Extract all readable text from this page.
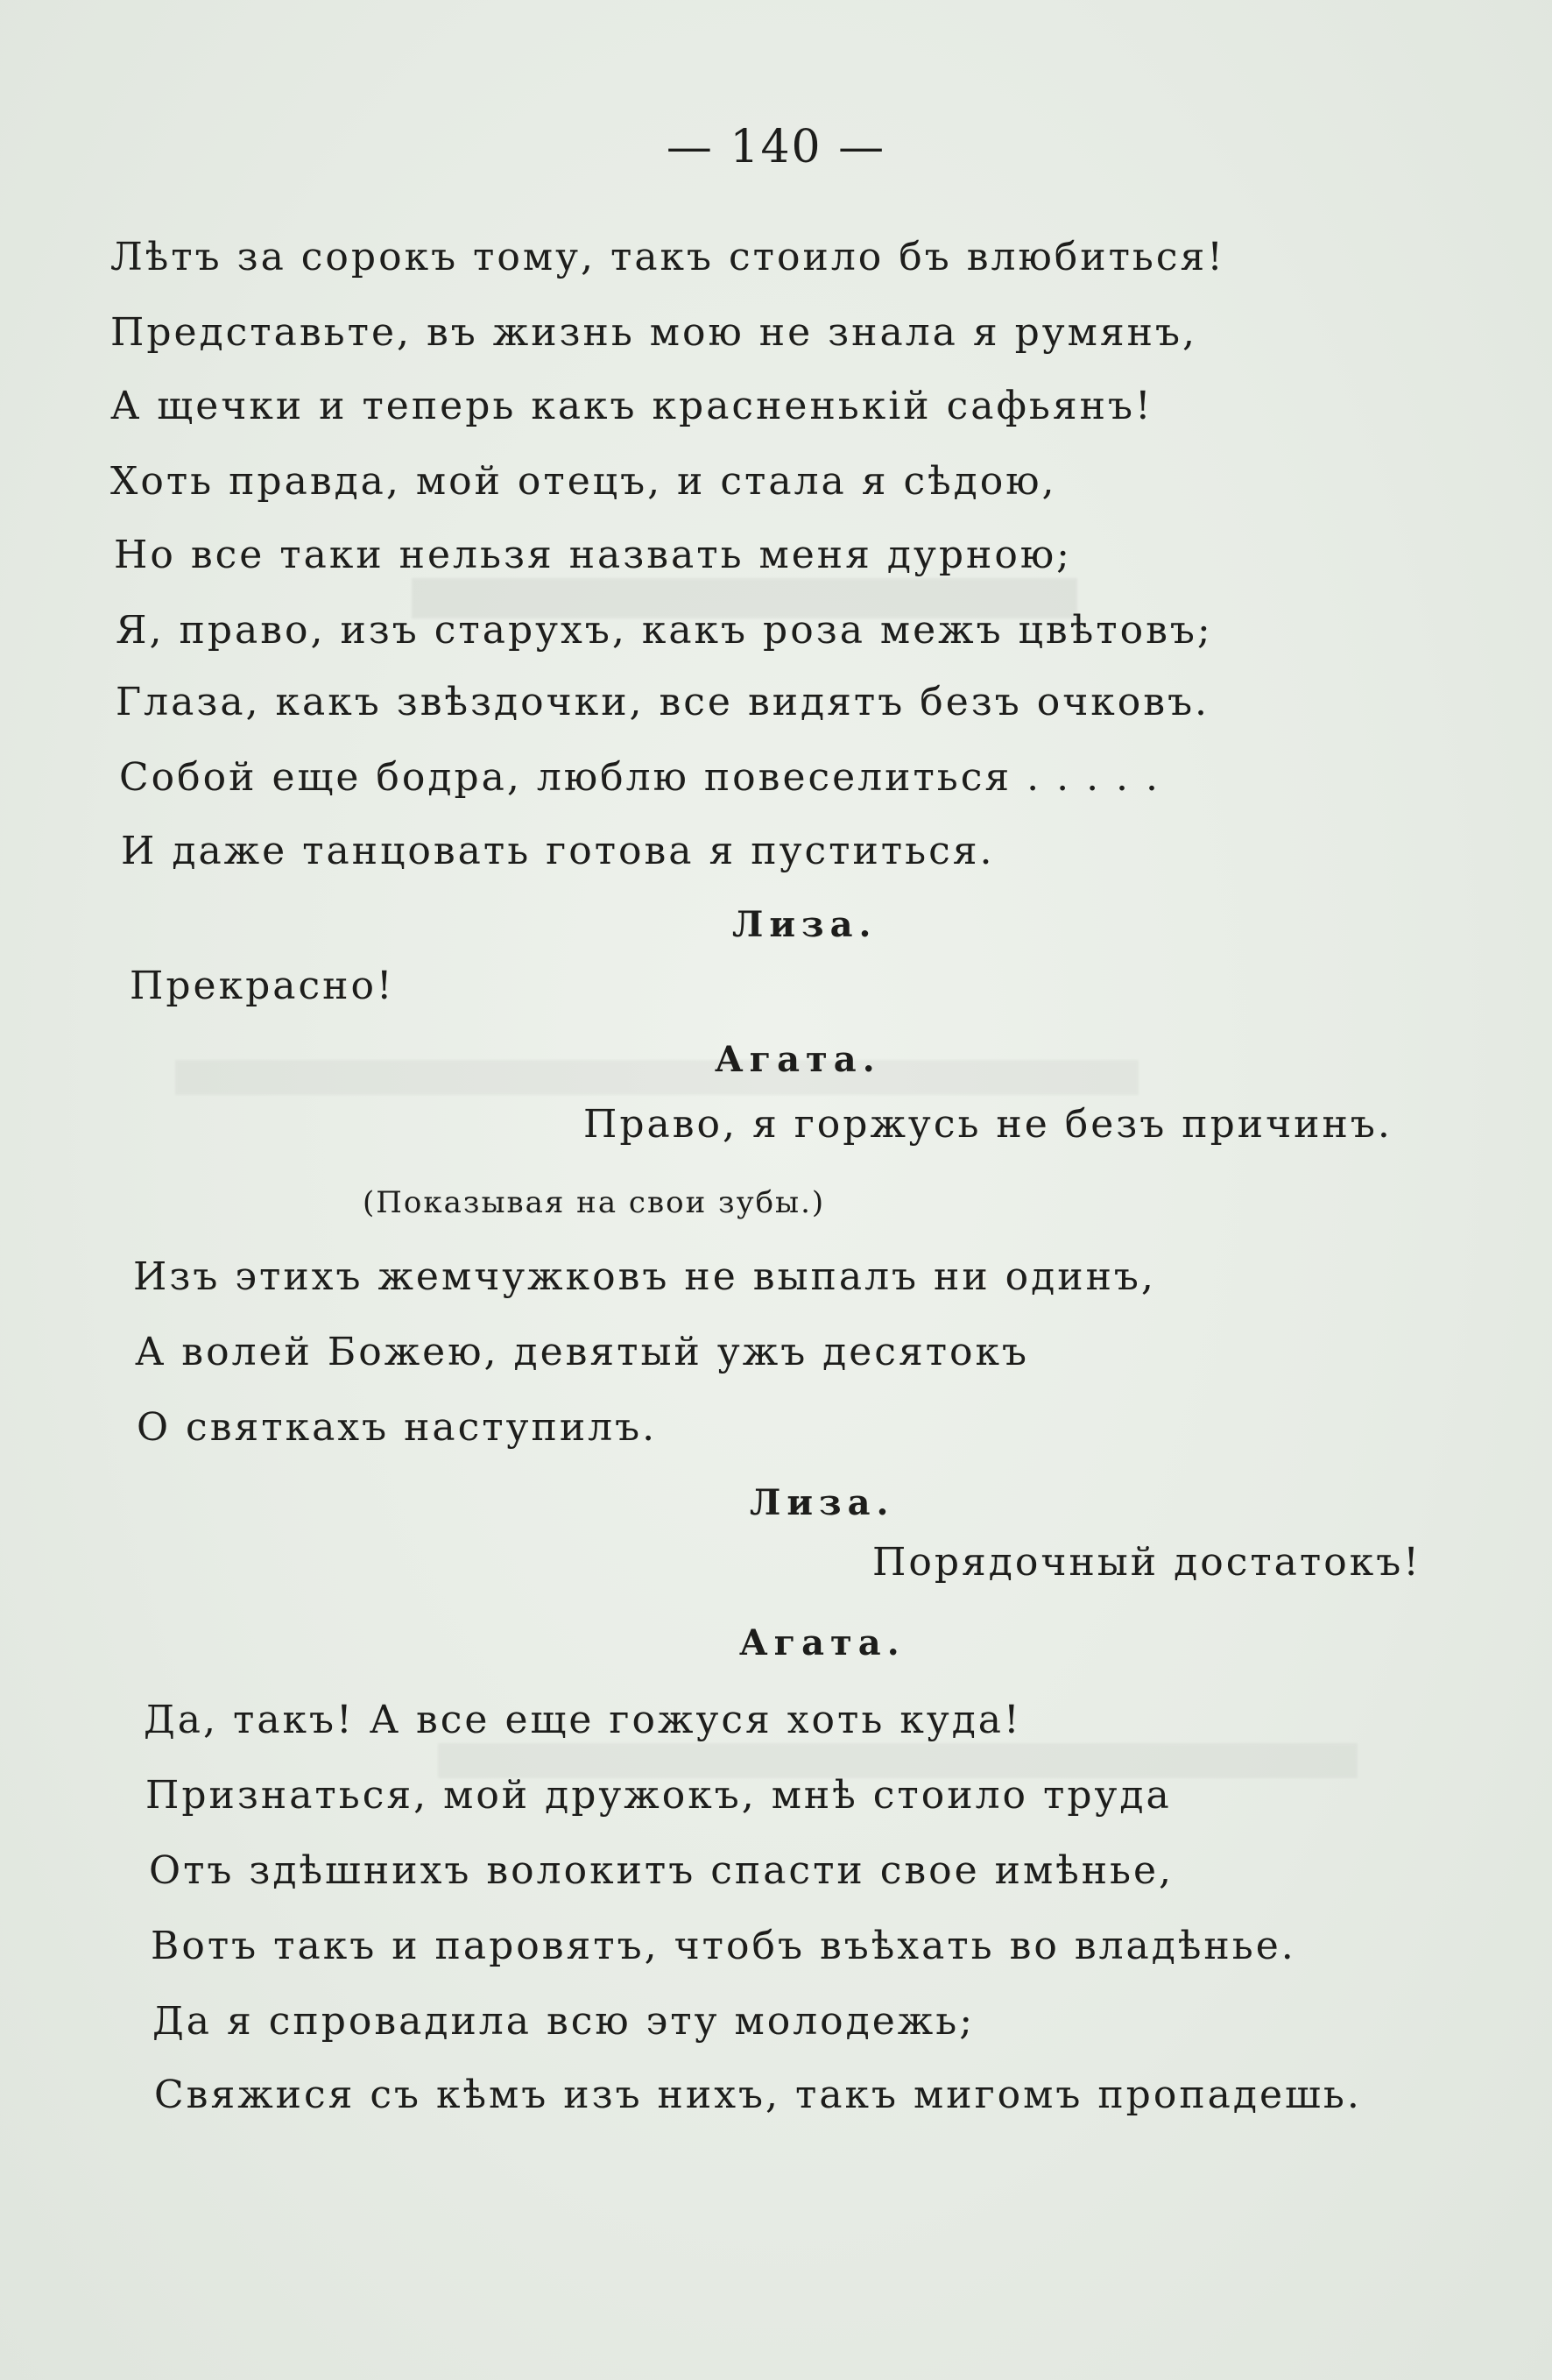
— 140 —
Лѣтъ за сорокъ тому, такъ стоило бъ влюбиться!
Представьте, въ жизнь мою не знала я румянъ,
А щечки и теперь какъ красненькій сафьянъ!
Хоть правда, мой отецъ, и стала я сѣдою,
Но все таки нельзя назвать меня дурною;
Я, право, изъ старухъ, какъ роза межъ цвѣтовъ;
Глаза, какъ звѣздочки, все видятъ безъ очковъ.
Собой еще бодра, люблю повеселиться . . . . .
И даже танцовать готова я пуститься.
Лиза.
Прекрасно!
Агата.
Право, я горжусь не безъ причинъ.
(Показывая на свои зубы.)
Изъ этихъ жемчужковъ не выпалъ ни одинъ,
А волей Божею, девятый ужъ десятокъ
О святкахъ наступилъ.
Лиза.
Порядочный достатокъ!
Агата.
Да, такъ! А все еще гожуся хоть куда!
Признаться, мой дружокъ, мнѣ стоило труда
Отъ здѣшнихъ волокитъ спасти свое имѣнье,
Вотъ такъ и паровятъ, чтобъ въѣхать во владѣнье.
Да я спровадила всю эту молодежь;
Свяжися съ кѣмъ изъ нихъ, такъ мигомъ пропадешь.
